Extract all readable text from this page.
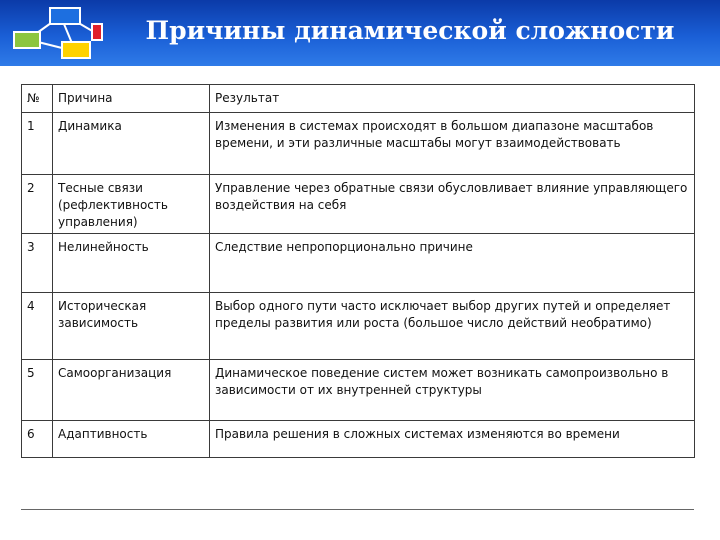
Причины динамической сложности
№	Причина	Результат
1	Динамика	Изменения в системах происходят в большом диапазоне масштабов времени, и эти различные масштабы могут взаимодействовать
2	Тесные связи (рефлективность управления)	Управление через обратные связи обусловливает влияние управляющего воздействия на себя
3	Нелинейность	Следствие непропорционально причине
4	Историческая зависимость	Выбор одного пути часто исключает выбор других путей и определяет пределы развития или роста (большое число действий необратимо)
5	Самоорганизация	Динамическое поведение систем может возникать самопроизвольно в зависимости от их внутренней структуры
6	Адаптивность	Правила решения в сложных системах изменяются во времени
